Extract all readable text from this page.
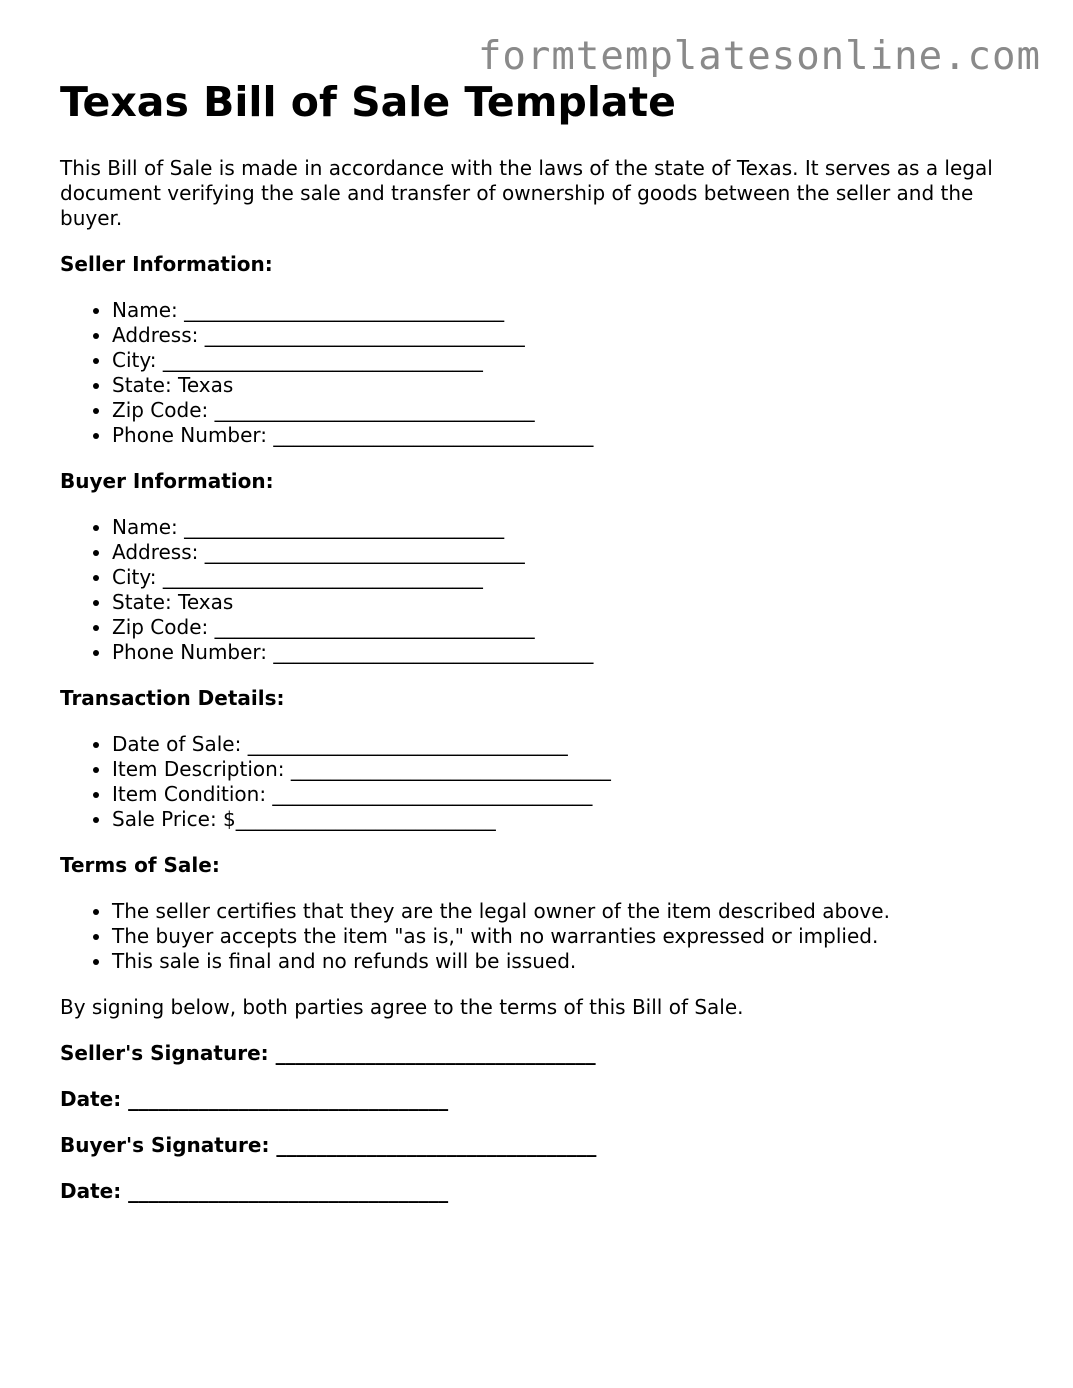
formtemplatesonline.com
Texas Bill of Sale Template

This Bill of Sale is made in accordance with the laws of the state of Texas. It serves as a legal document verifying the sale and transfer of ownership of goods between the seller and the buyer.

Seller Information:

• Name: ________________________________
• Address: ________________________________
• City: ________________________________
• State: Texas
• Zip Code: ________________________________
• Phone Number: ________________________________

Buyer Information:

• Name: ________________________________
• Address: ________________________________
• City: ________________________________
• State: Texas
• Zip Code: ________________________________
• Phone Number: ________________________________

Transaction Details:

• Date of Sale: ________________________________
• Item Description: ________________________________
• Item Condition: ________________________________
• Sale Price: $__________________________

Terms of Sale:

• The seller certifies that they are the legal owner of the item described above.
• The buyer accepts the item "as is," with no warranties expressed or implied.
• This sale is final and no refunds will be issued.

By signing below, both parties agree to the terms of this Bill of Sale.

Seller's Signature: ________________________________

Date: ________________________________

Buyer's Signature: ________________________________

Date: ________________________________
